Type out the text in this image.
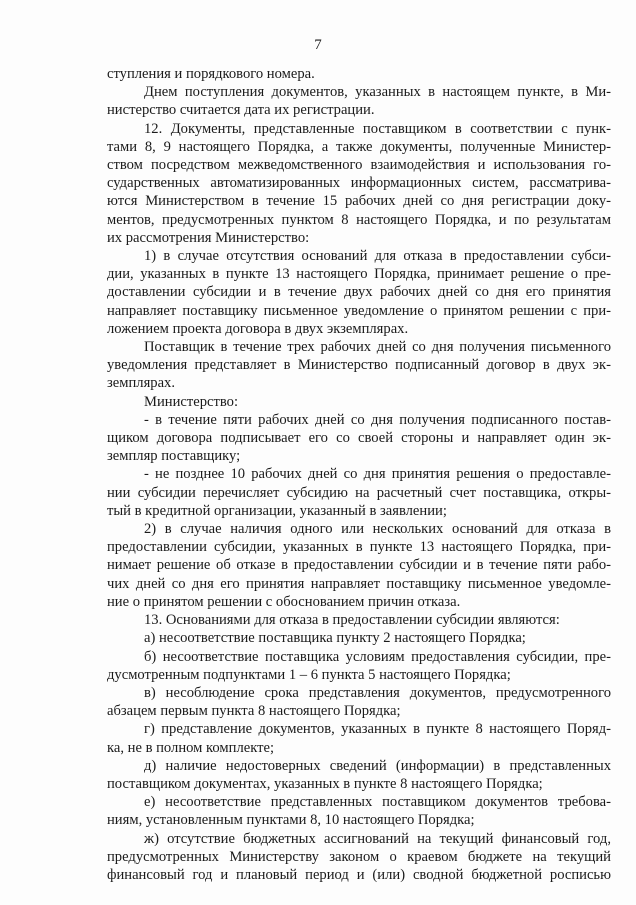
7

ступления и порядкового номера.

Днем поступления документов, указанных в настоящем пункте, в Ми-

нистерство считается дата их регистрации.

12. Документы, представленные поставщиком в соответствии с пунк-

тами 8, 9 настоящего Порядка, а также документы, полученные Министер-

ством посредством межведомственного взаимодействия и использования го-

сударственных автоматизированных информационных систем, рассматрива-

ются Министерством в течение 15 рабочих дней со дня регистрации доку-

ментов, предусмотренных пунктом 8 настоящего Порядка, и по результатам

их рассмотрения Министерство:

1) в случае отсутствия оснований для отказа в предоставлении субси-

дии, указанных в пункте 13 настоящего Порядка, принимает решение о пре-

доставлении субсидии и в течение двух рабочих дней со дня его принятия

направляет поставщику письменное уведомление о принятом решении с при-

ложением проекта договора в двух экземплярах.

Поставщик в течение трех рабочих дней со дня получения письменного

уведомления представляет в Министерство подписанный договор в двух эк-

земплярах.

Министерство:

- в течение пяти рабочих дней со дня получения подписанного постав-

щиком договора подписывает его со своей стороны и направляет один эк-

земпляр поставщику;

- не позднее 10 рабочих дней со дня принятия решения о предоставле-

нии субсидии перечисляет субсидию на расчетный счет поставщика, откры-

тый в кредитной организации, указанный в заявлении;

2) в случае наличия одного или нескольких оснований для отказа в

предоставлении субсидии, указанных в пункте 13 настоящего Порядка, при-

нимает решение об отказе в предоставлении субсидии и в течение пяти рабо-

чих дней со дня его принятия направляет поставщику письменное уведомле-

ние о принятом решении с обоснованием причин отказа.

13. Основаниями для отказа в предоставлении субсидии являются:

а) несоответствие поставщика пункту 2 настоящего Порядка;

б) несоответствие поставщика условиям предоставления субсидии, пре-

дусмотренным подпунктами 1 – 6 пункта 5 настоящего Порядка;

в) несоблюдение срока представления документов, предусмотренного

абзацем первым пункта 8 настоящего Порядка;

г) представление документов, указанных в пункте 8 настоящего Поряд-

ка, не в полном комплекте;

д) наличие недостоверных сведений (информации) в представленных

поставщиком документах, указанных в пункте 8 настоящего Порядка;

е) несоответствие представленных поставщиком документов требова-

ниям, установленным пунктами 8, 10 настоящего Порядка;

ж) отсутствие бюджетных ассигнований на текущий финансовый год,

предусмотренных Министерству законом о краевом бюджете на текущий

финансовый год и плановый период и (или) сводной бюджетной росписью
